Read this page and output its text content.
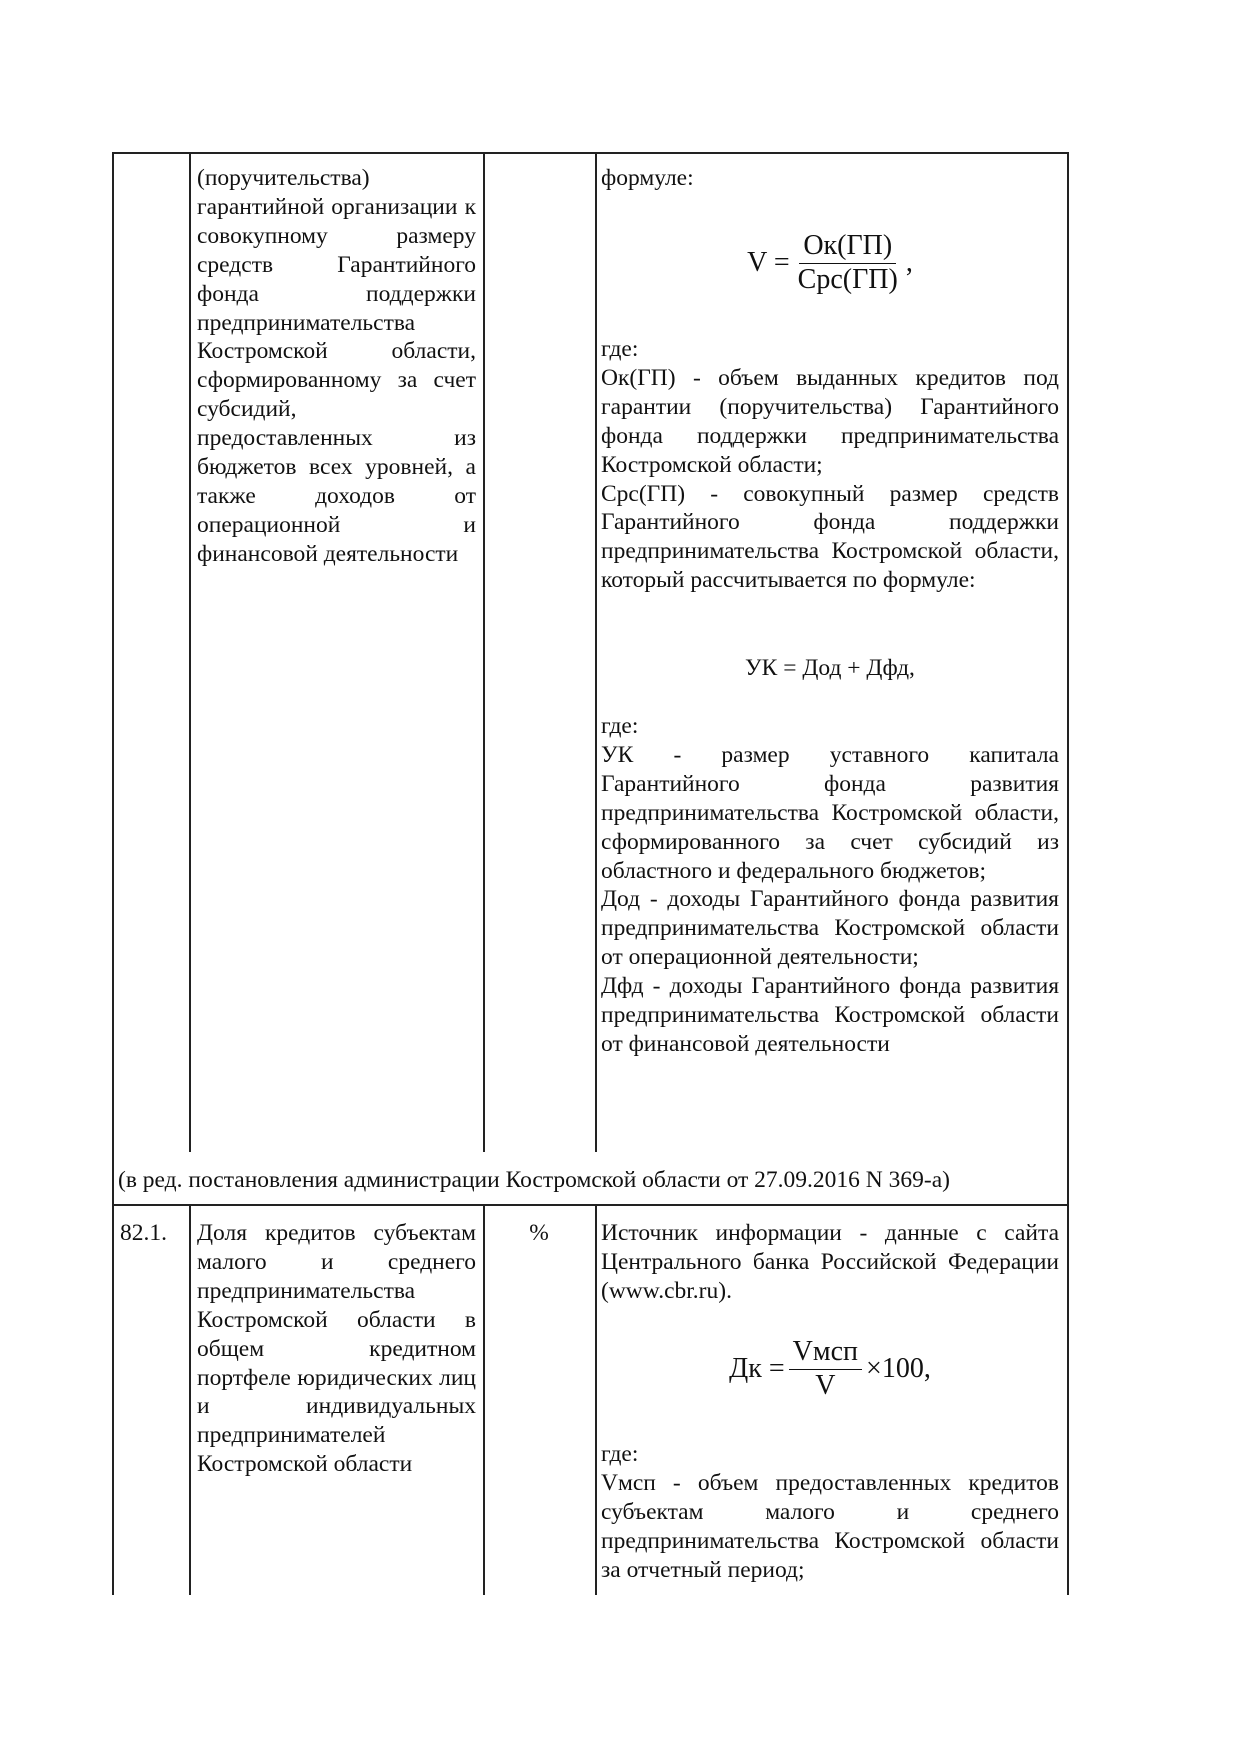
(поручительства) гарантийной организации к совокупному размеру средств Гарантийного фонда поддержки предпринимательства Костромской области, сформированному за счет субсидий, предоставленных из бюджетов всех уровней, а также доходов от операционной и финансовой деятельности
формуле:
$V = \frac{Ок(ГП)}{\text{Срс(ГП)}}$ ,

где:

Ок(ГП) - объем выданных кредитов под гарантии (поручительства) Гарантийного фонда поддержки предпринимательства Костромской области;

Срс(ГП) - совокупный размер средств Гарантийного фонда поддержки предпринимательства Костромской области, который рассчитывается по формуле:

УК = Дод + Дфд,

где:

УК - размер уставного капитала Гарантийного фонда развития предпринимательства Костромской области, сформированного за счет субсидий из областного и федерального бюджетов;

Дод - доходы Гарантийного фонда развития предпринимательства Костромской области от операционной деятельности;

Дфд - доходы Гарантийного фонда развития предпринимательства Костромской области от финансовой деятельности

(в ред. постановления администрации Костромской области от 27.09.2016 N 369-а)
82.1. Доля кредитов субъектам малого и среднего предпринимательства Костромской области в общем кредитном портфеле юридических лиц и индивидуальных предпринимателей Костромской области
%	Источник информации - данные с сайта Центрального банка Российской Федерации (www.cbr.ru).
Дк = $\frac{\text{Vмсп}}{V} \times 100$,

где:

Vмсп - объем предоставленных кредитов субъектам малого и среднего предпринимательства Костромской области за отчетный период;
